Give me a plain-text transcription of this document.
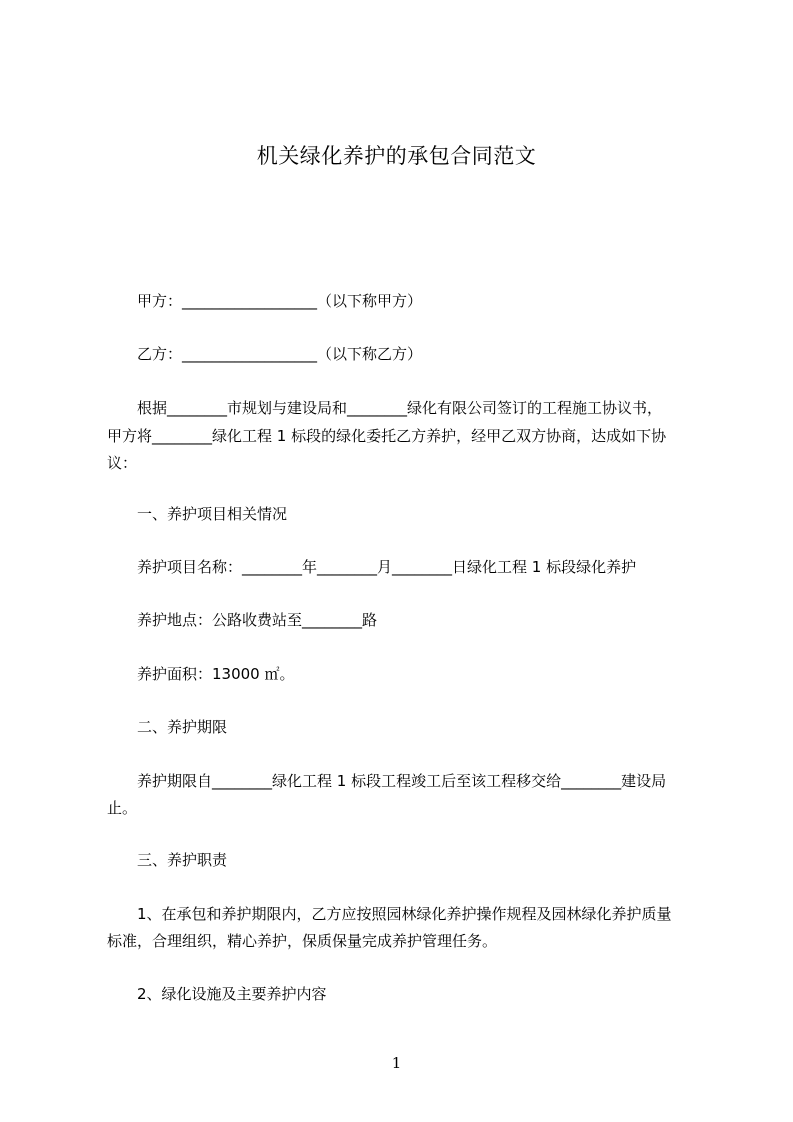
机关绿化养护的承包合同范文
甲方：__________________（以下称甲方）
乙方：__________________（以下称乙方）
根据________市规划与建设局和________绿化有限公司签订的工程施工协议书，
甲方将________绿化工程 1 标段的绿化委托乙方养护，经甲乙双方协商，达成如下协
议：
一、养护项目相关情况
养护项目名称：________年________月________日绿化工程 1 标段绿化养护
养护地点：公路收费站至________路
养护面积：13000 ㎡。
二、养护期限
养护期限自________绿化工程 1 标段工程竣工后至该工程移交给________建设局
止。
三、养护职责
1、在承包和养护期限内，乙方应按照园林绿化养护操作规程及园林绿化养护质量
标准，合理组织，精心养护，保质保量完成养护管理任务。
2、绿化设施及主要养护内容
1
